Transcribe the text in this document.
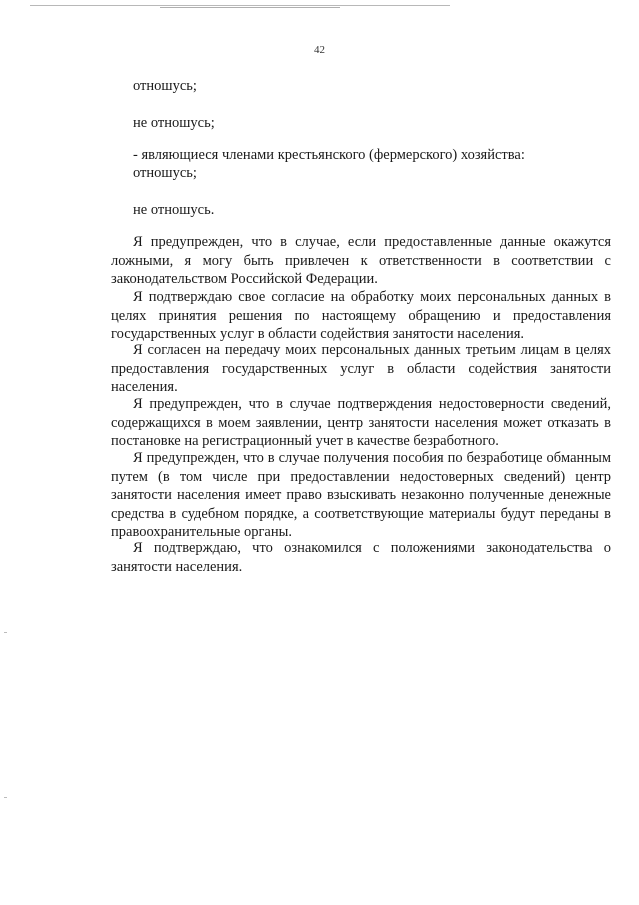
42
отношусь;
не отношусь;
- являющиеся членами крестьянского (фермерского) хозяйства:
отношусь;
не отношусь.

Я предупрежден, что в случае, если предоставленные данные окажутся ложными, я могу быть привлечен к ответственности в соответствии с законодательством Российской Федерации.

Я подтверждаю свое согласие на обработку моих персональных данных в целях принятия решения по настоящему обращению и предоставления государственных услуг в области содействия занятости населения.

Я согласен на передачу моих персональных данных третьим лицам в целях предоставления государственных услуг в области содействия занятости населения.

Я предупрежден, что в случае подтверждения недостоверности сведений, содержащихся в моем заявлении, центр занятости населения может отказать в постановке на регистрационный учет в качестве безработного.

Я предупрежден, что в случае получения пособия по безработице обманным путем (в том числе при предоставлении недостоверных сведений) центр занятости населения имеет право взыскивать незаконно полученные денежные средства в судебном порядке, а соответствующие материалы будут переданы в правоохранительные органы.

Я подтверждаю, что ознакомился с положениями законодательства о занятости населения.
